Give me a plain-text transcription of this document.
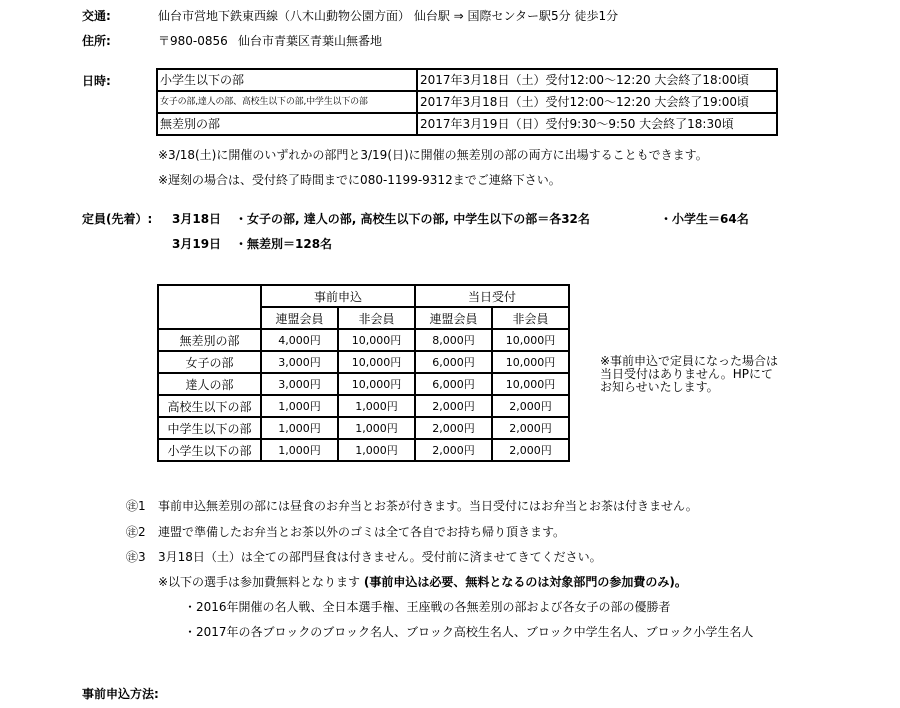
交通:	仙台市営地下鉄東西線（八木山動物公園方面） 仙台駅 ⇒ 国際センター駅5分 徒歩1分
住所:	〒980-0856 仙台市青葉区青葉山無番地
日時:	小学生以下の部	2017年3月18日（土）受付12:00～12:20 大会終了18:00頃
女子の部,達人の部、高校生以下の部,中学生以下の部	2017年3月18日（土）受付12:00～12:20 大会終了19:00頃
無差別の部	2017年3月19日（日）受付9:30～9:50 大会終了18:30頃
※3/18(土)に開催のいずれかの部門と3/19(日)に開催の無差別の部の両方に出場することもできます。
※遅刻の場合は、受付終了時間までに080-1199-9312までご連絡下さい。
定員(先着）: 3月18日 ・女子の部, 達人の部, 高校生以下の部, 中学生以下の部＝各32名	・小学生＝64名
3月19日 ・無差別＝128名
	事前申込		当日受付	
	連盟会員	非会員	連盟会員	非会員
無差別の部	4,000円	10,000円	8,000円	10,000円
女子の部	3,000円	10,000円	6,000円	10,000円
達人の部	3,000円	10,000円	6,000円	10,000円
高校生以下の部	1,000円	1,000円	2,000円	2,000円
中学生以下の部	1,000円	1,000円	2,000円	2,000円
小学生以下の部	1,000円	1,000円	2,000円	2,000円
※事前申込で定員になった場合は当日受付はありません。HPにてお知らせいたします。
㊟1 事前申込無差別の部には昼食のお弁当とお茶が付きます。当日受付にはお弁当とお茶は付きません。
㊟2 連盟で準備したお弁当とお茶以外のゴミは全て各自でお持ち帰り頂きます。
㊟3 3月18日（土）は全ての部門昼食は付きません。受付前に済ませてきてください。
※以下の選手は参加費無料となります (事前申込は必要、無料となるのは対象部門の参加費のみ)。
・2016年開催の名人戦、全日本選手権、王座戦の各無差別の部および各女子の部の優勝者
・2017年の各ブロックのブロック名人、ブロック高校生名人、ブロック中学生名人、ブロック小学生名人
事前申込方法:
